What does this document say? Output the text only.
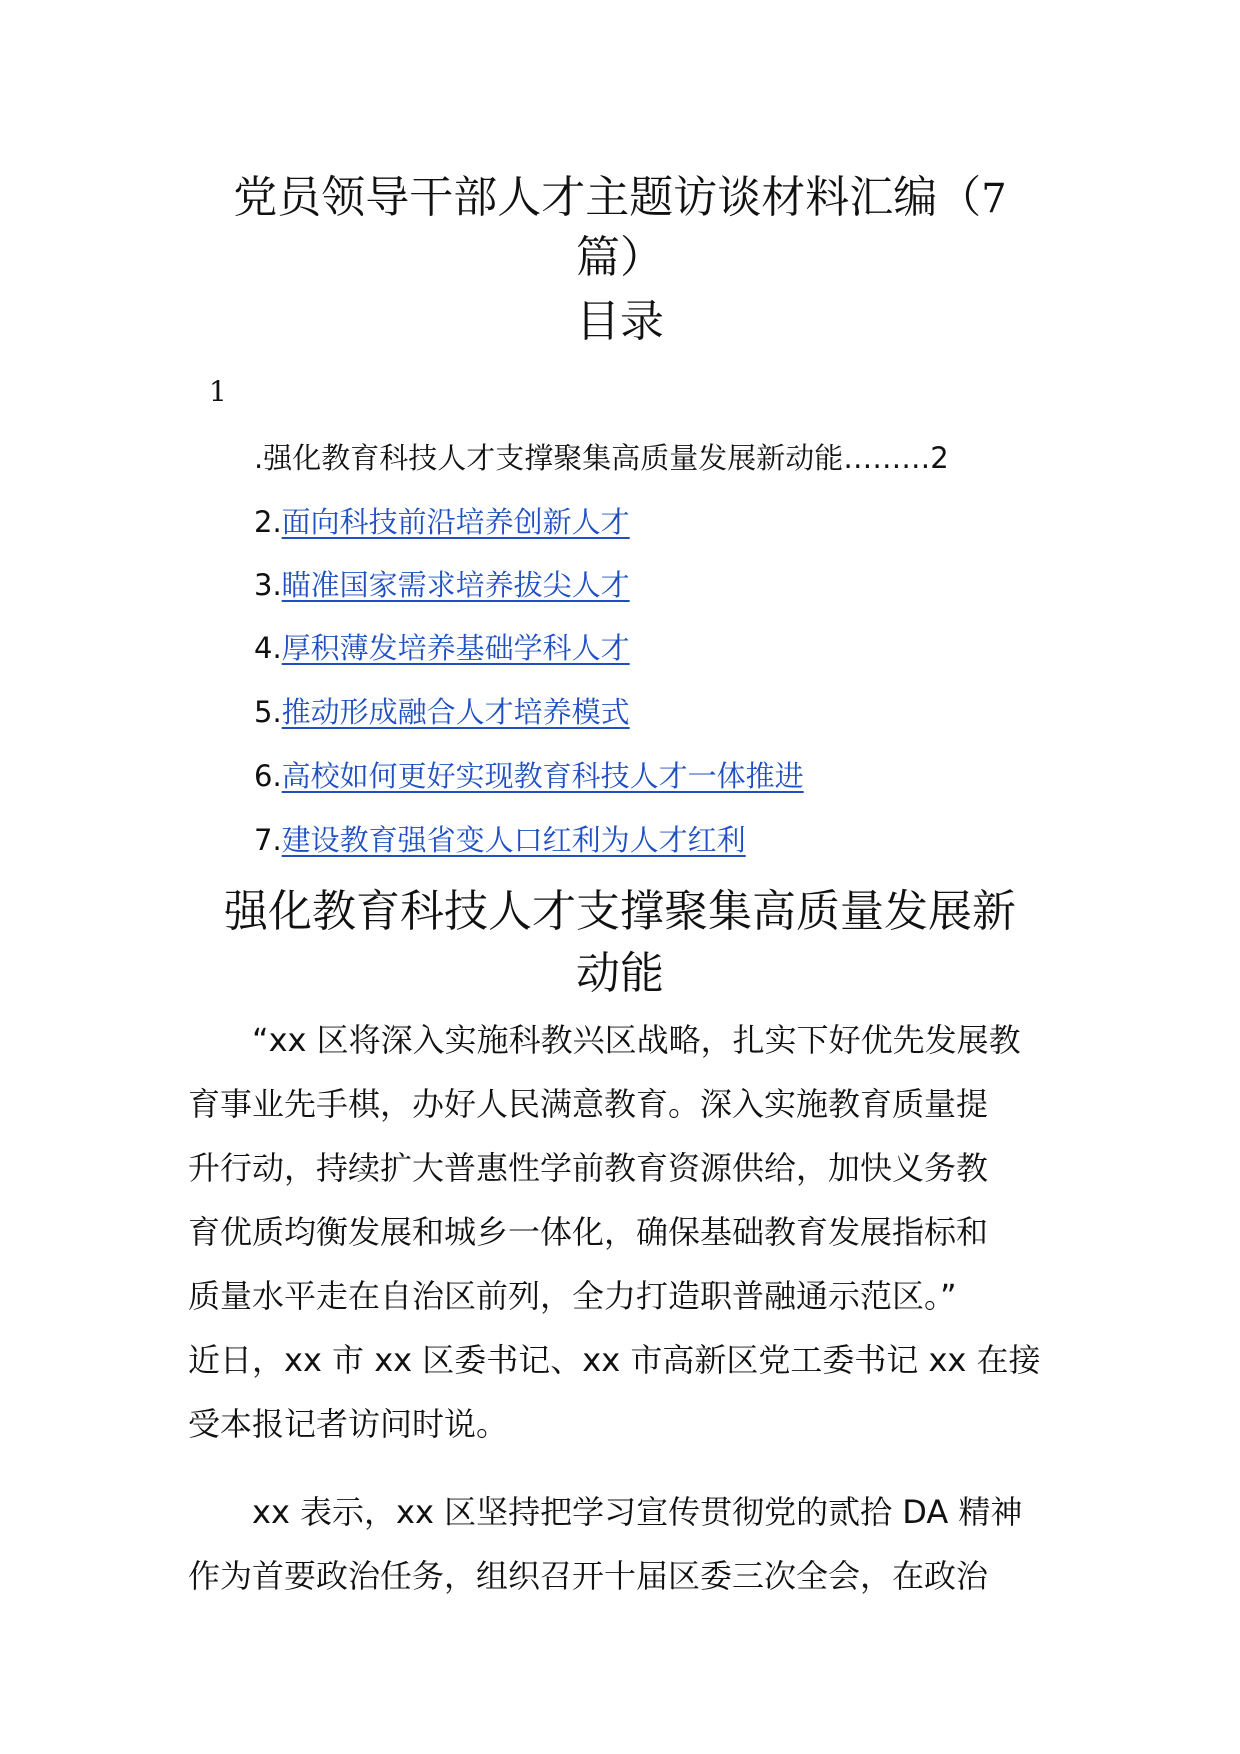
党员领导干部人才主题访谈材料汇编（7
篇）
目录
1
.强化教育科技人才支撑聚集高质量发展新动能………2
2.面向科技前沿培养创新人才
3.瞄准国家需求培养拔尖人才
4.厚积薄发培养基础学科人才
5.推动形成融合人才培养模式
6.高校如何更好实现教育科技人才一体推进
7.建设教育强省变人口红利为人才红利
强化教育科技人才支撑聚集高质量发展新
动能
“xx 区将深入实施科教兴区战略，扎实下好优先发展教
育事业先手棋，办好人民满意教育。深入实施教育质量提
升行动，持续扩大普惠性学前教育资源供给，加快义务教
育优质均衡发展和城乡一体化，确保基础教育发展指标和
质量水平走在自治区前列，全力打造职普融通示范区。”
近日，xx 市 xx 区委书记、xx 市高新区党工委书记 xx 在接
受本报记者访问时说。
xx 表示，xx 区坚持把学习宣传贯彻党的贰拾 DA 精神
作为首要政治任务，组织召开十届区委三次全会，在政治
